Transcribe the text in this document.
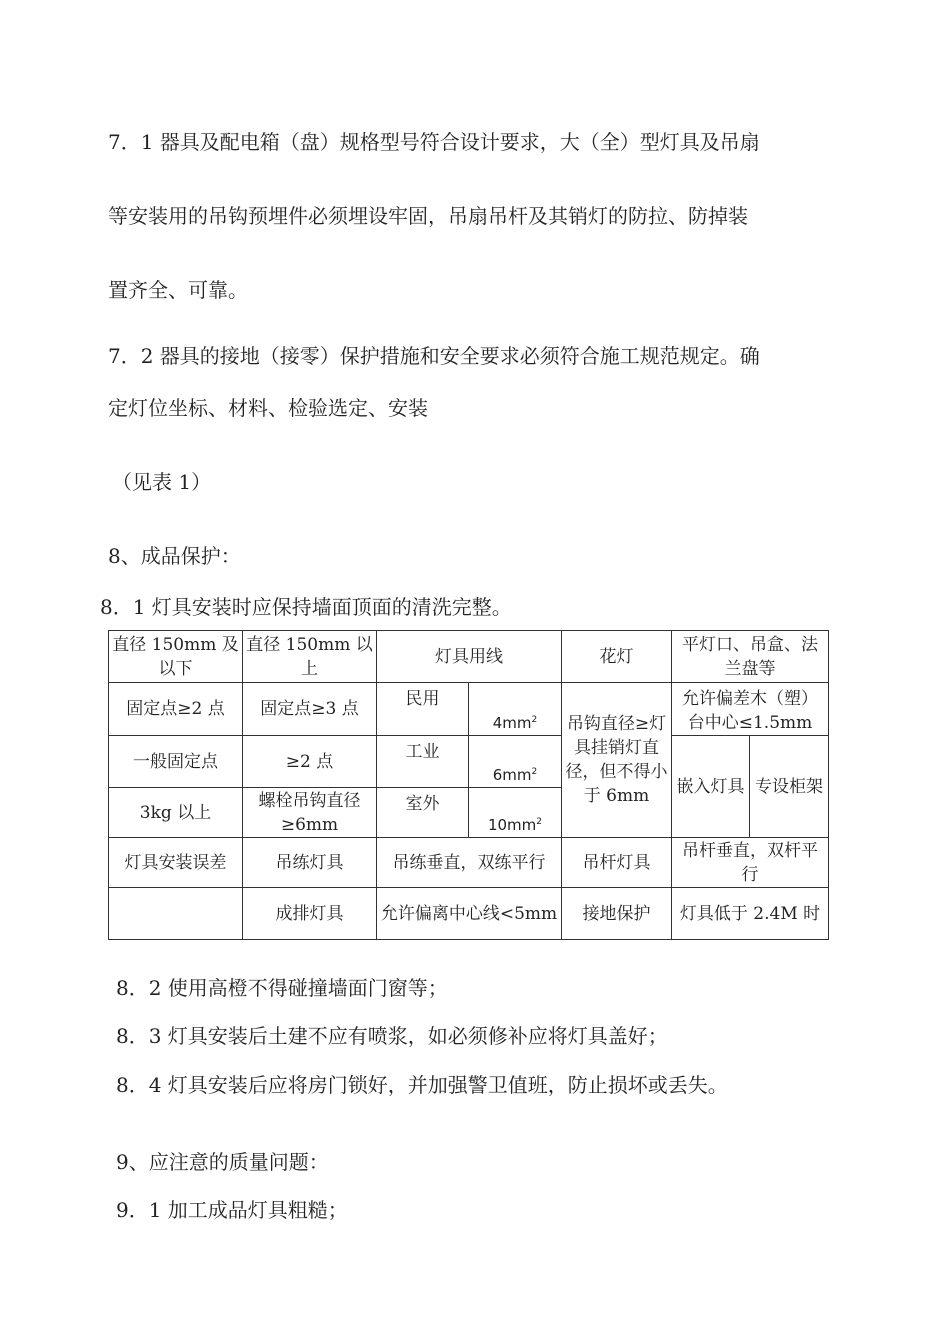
7．1 器具及配电箱（盘）规格型号符合设计要求，大（全）型灯具及吊扇
等安装用的吊钩预埋件必须埋设牢固，吊扇吊杆及其销灯的防拉、防掉装
置齐全、可靠。
7．2 器具的接地（接零）保护措施和安全要求必须符合施工规范规定。确
定灯位坐标、材料、检验选定、安装
（见表 1）
8、成品保护：
8．1 灯具安装时应保持墙面顶面的清洗完整。
直径 150mm 及以下	直径 150mm 以上	灯具用线		花灯	平灯口、吊盒、法兰盘等	
固定点≥2 点	固定点≥3 点	民用	$4mm^2$	吊钩直径≥灯具挂销灯直径，但不得小于 6mm	允许偏差木（塑）台中心≤1.5mm	
一般固定点	≥2 点	工业	$6mm^2$		嵌入灯具	专设柜架
3kg 以上	螺栓吊钩直径≥6mm	室外	$10mm^2$
灯具安装误差	吊练灯具	吊练垂直，双练平行		吊杆灯具	吊杆垂直，双杆平行	
	成排灯具	允许偏离中心线<5mm		接地保护	灯具低于 2.4M 时	
8．2 使用高橙不得碰撞墙面门窗等；
8．3 灯具安装后土建不应有喷浆，如必须修补应将灯具盖好；
8．4 灯具安装后应将房门锁好，并加强警卫值班，防止损坏或丢失。
9、应注意的质量问题：
9．1 加工成品灯具粗糙；
